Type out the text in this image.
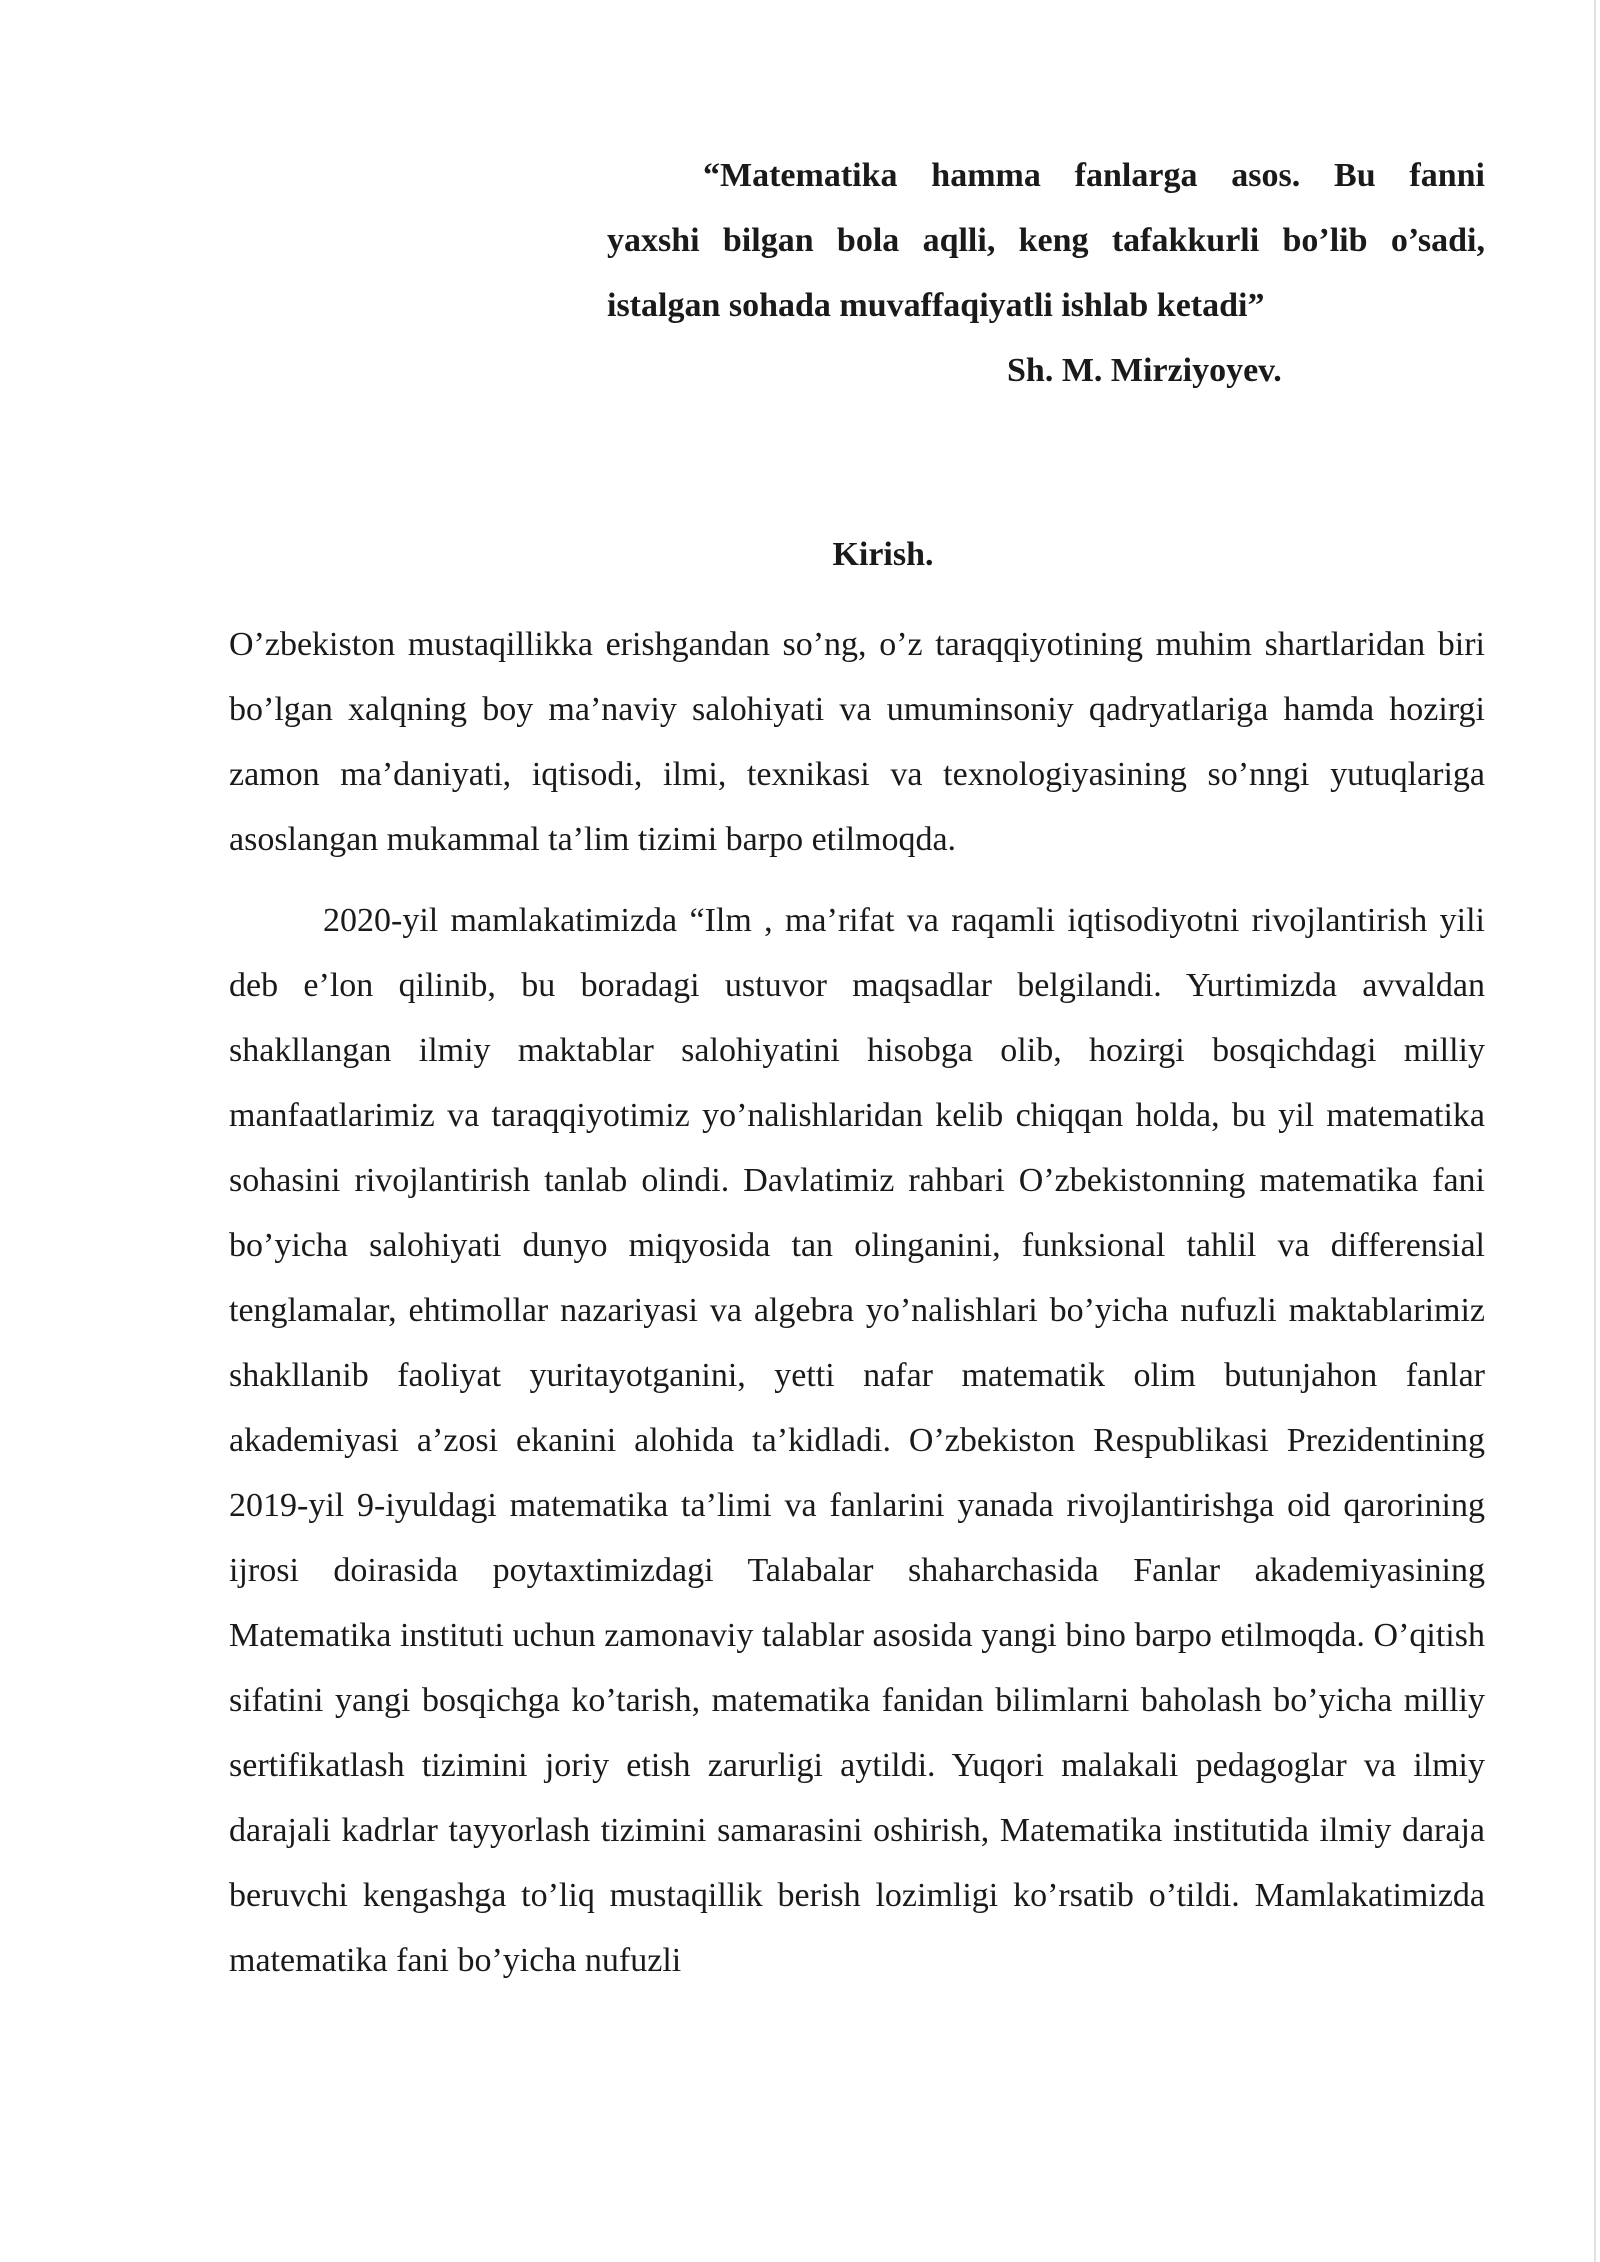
“Matematika hamma fanlarga asos. Bu fanni
yaxshi bilgan bola aqlli, keng tafakkurli bo’lib o’sadi,
istalgan sohada muvaffaqiyatli ishlab ketadi”
Sh. M. Mirziyoyev.
Kirish.

O’zbekiston mustaqillikka erishgandan so’ng, o’z taraqqiyotining muhim shartlaridan biri bo’lgan xalqning boy ma’naviy salohiyati va umuminsoniy qadryatlariga hamda hozirgi zamon ma’daniyati, iqtisodi, ilmi, texnikasi va texnologiyasining so’nngi yutuqlariga asoslangan mukammal ta’lim tizimi barpo etilmoqda.

2020-yil mamlakatimizda “Ilm , ma’rifat va raqamli iqtisodiyotni rivojlantirish yili deb e’lon qilinib, bu boradagi ustuvor maqsadlar belgilandi. Yurtimizda avvaldan shakllangan ilmiy maktablar salohiyatini hisobga olib, hozirgi bosqichdagi milliy manfaatlarimiz va taraqqiyotimiz yo’nalishlaridan kelib chiqqan holda, bu yil matematika sohasini rivojlantirish tanlab olindi. Davlatimiz rahbari O’zbekistonning matematika fani bo’yicha salohiyati dunyo miqyosida tan olinganini, funksional tahlil va differensial tenglamalar, ehtimollar nazariyasi va algebra yo’nalishlari bo’yicha nufuzli maktablarimiz shakllanib faoliyat yuritayotganini, yetti nafar matematik olim butunjahon fanlar akademiyasi a’zosi ekanini alohida ta’kidladi. O’zbekiston Respublikasi Prezidentining 2019-yil 9-iyuldagi matematika ta’limi va fanlarini yanada rivojlantirishga oid qarorining ijrosi doirasida poytaxtimizdagi Talabalar shaharchasida Fanlar akademiyasining Matematika instituti uchun zamonaviy talablar asosida yangi bino barpo etilmoqda. O’qitish sifatini yangi bosqichga ko’tarish, matematika fanidan bilimlarni baholash bo’yicha milliy sertifikatlash tizimini joriy etish zarurligi aytildi. Yuqori malakali pedagoglar va ilmiy darajali kadrlar tayyorlash tizimini samarasini oshirish, Matematika institutida ilmiy daraja beruvchi kengashga to’liq mustaqillik berish lozimligi ko’rsatib o’tildi. Mamlakatimizda matematika fani bo’yicha nufuzli
